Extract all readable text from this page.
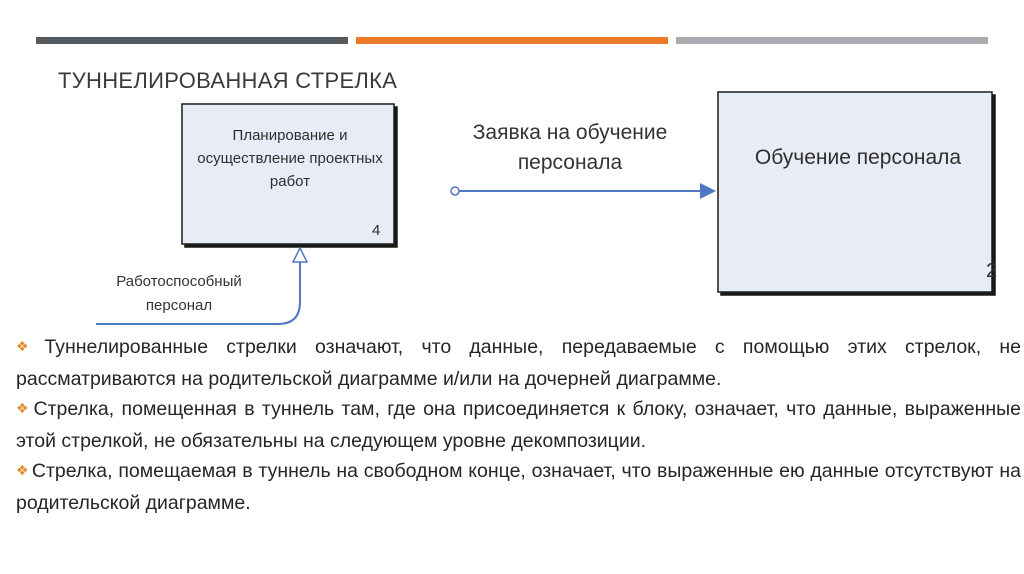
ТУННЕЛИРОВАННАЯ СТРЕЛКА
Планирование и осуществление проектных работ
4
Обучение персонала
2
Заявка на обучение персонала
Работоспособный персонал

❖ Туннелированные стрелки означают, что данные, передаваемые с помощью этих стрелок, не рассматриваются на родительской диаграмме и/или на дочерней диаграмме.

❖ Стрелка, помещенная в туннель там, где она присоединяется к блоку, означает, что данные, выраженные этой стрелкой, не обязательны на следующем уровне декомпозиции.

❖ Стрелка, помещаемая в туннель на свободном конце, означает, что выраженные ею данные отсутствуют на родительской диаграмме.
